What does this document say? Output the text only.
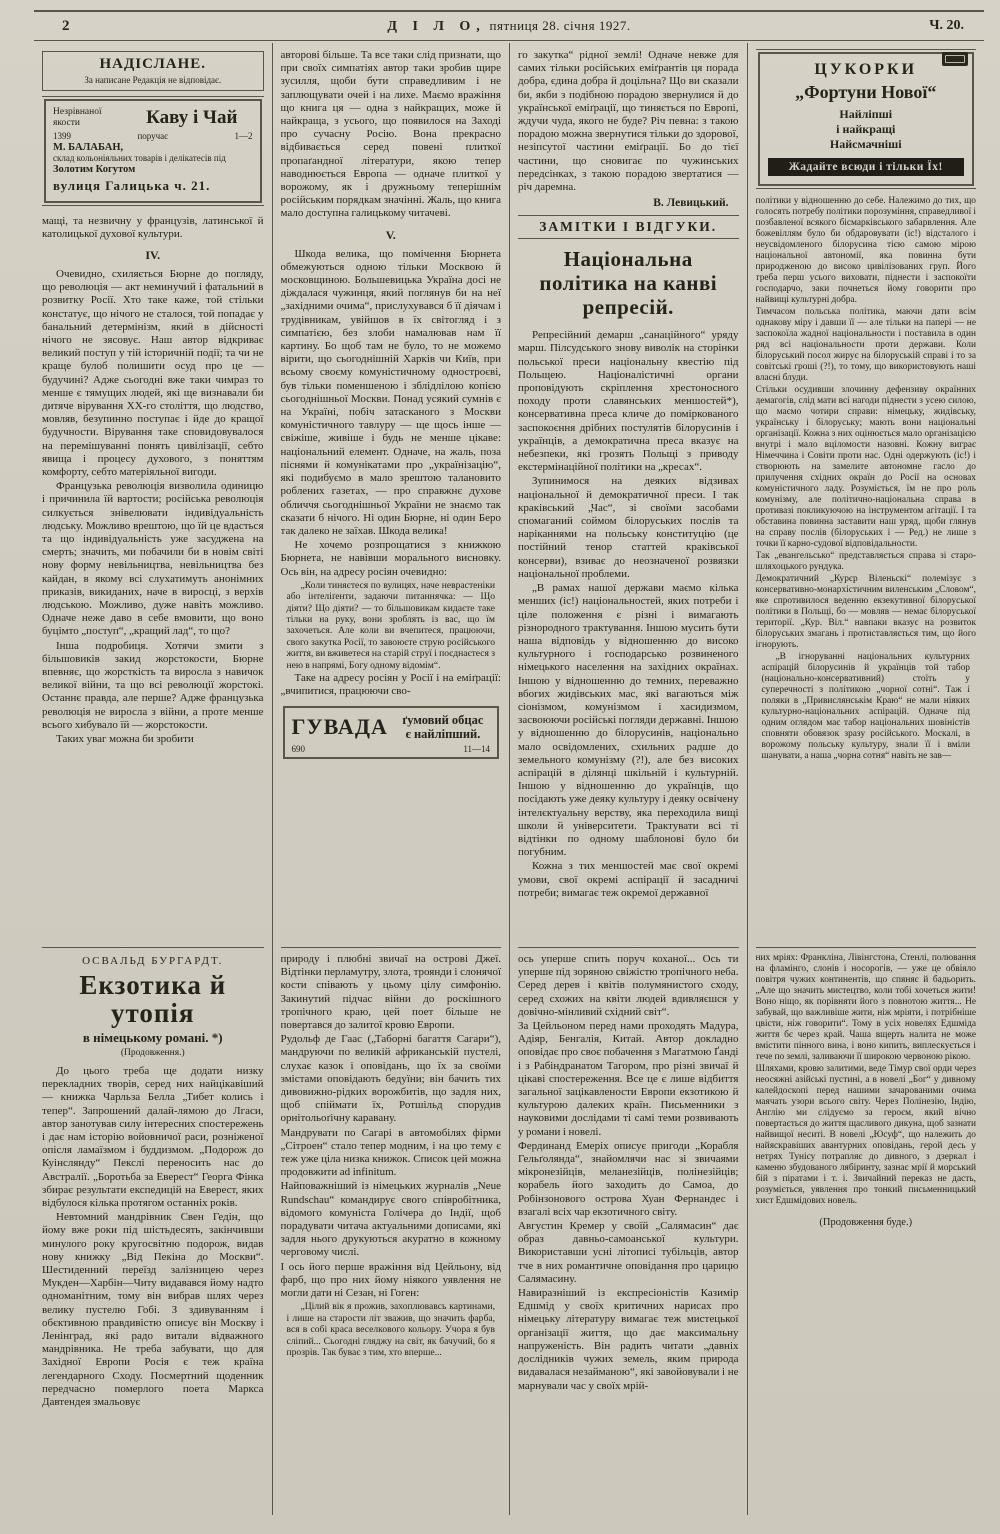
2	Д І Л О, пятниця 28. січня 1927.	Ч. 20.
НАДІСЛАНЕ.
За написане Редакція не відповідає.
Незрівнаної якости	Каву і Чай
1399	поручає	1—2
М. БАЛАБАН,
склад кольоніяльних товарів і делікатесів під
Золотим Когутом
вулиця Галицька ч. 21.

мащі, та незвичну у французів, латинської й католицької духової культури.

IV.

Очевидно, схиляється Бюрне до погляду, що революція — акт неминучий і фатальний в розвитку Росії. Хто таке каже, той стільки констатує, що нічого не сталося, той попадає у банальний детермінізм, який в дійсності нічого не зясовує. Наш автор відкриває великий поступ у тій історичній події; та чи не краще булоб полишити осуд про це — будучині? Адже сьогодні вже таки чимраз то менше є тямущих людей, які ще визнавали би дитяче вірування ХХ-го століття, що людство, мовляв, безупинно поступає і йде до кращої будучности. Вірування таке сповидовувалося на перемішуванні понять цивілізації, себто явища і процесу духового, з поняттям комфорту, себто матеріяльної вигоди.

Французька революція визволила одиницю і причинила їй вартости; російська революція силкується знівелювати індивідуальність людську. Можливо врештою, що їй це вдасться та що індивідуальність уже засуджена на смерть; значить, ми побачили би в новім світі нову форму невільництва, невільництва без кайдан, в якому всі слухатимуть анонімних приказів, викиданих, наче в виросці, з верхів людською. Можливо, дуже навіть можливо. Одначе неже даво в себе вмовити, що воно буцімто „поступ“, „кращий лад“, то що?

Інша подробиця. Хотячи змити з більшовиків закид жорстокости, Бюрне впевняє, що жорсткість та виросла з навичок великої війни, та що всі революції жорстокі. Останнє правда, але перше? Адже французька революція не виросла з війни, а проте менше всього хибувало їй — жорстокости.

Таких уваг можна би зробити

ОСВАЛЬД БУРГАРДТ.
Екзотика й утопія
в німецькому романі. *)
(Продовження.)

До цього треба ще додати низку перекладних творів, серед них найцікавіший — книжка Чарльза Белла „Тибет колись і тепер“. Запрошений далай-лямою до Лгаси, автор занотував силу інтересних спостережень і дає нам історію войовничої раси, розніженої опісля ламаїзмом і буддизмом. „Подорож до Куінслянду“ Пекслі переносить нас до Австралії. „Боротьба за Еверест“ Георга Фінка збирає результати експедицій на Еверест, яких відбулося кілька протягом останніх років.

Невтомний мандрівник Свен Гедін, що йому вже роки під шістьдесять, закінчивши минулого року кругосвітню подорож, видав нову книжку „Від Пекіна до Москви“. Шестиденний переїзд залізницею через Мукден—Харбін—Читу видавався йому надто одноманітним, тому він вибрав шлях через велику пустелю Гобі. З здивуванням і обєктивною правдивістю описує він Москву і Ленінград, які радо витали відважного мандрівника. Не треба забувати, що для Західної Европи Росія є теж країна легендарного Сходу. Посмертний щоденник передчасно померлого поета Маркса Давтендея змальовує

авторові більше. Та все таки слід признати, що при своїх симпатіях автор таки зробив щире зусилля, щоби бути справедливим і не заплющувати очей і на лихе. Маємо вражіння що книга ця — одна з найкращих, може й найкраща, з усього, що появилося на Заході про сучасну Росію. Вона прекрасно відбивається серед повені плиткої пропаґандної літератури, якою тепер наводнюється Европа — одначе плиткої у ворожому, як і дружньому теперішнім російським порядкам значінні. Жаль, що книга мало доступна галицькому читачеві.

V.

Шкода велика, що помічення Бюрнета обмежуються одною тільки Москвою й московщиною. Большевицька Україна досі не діждалася чужинця, який поглянув би на неї „західними очима“, прислухувався б її діячам і трудівникам, увійшов в їх світогляд і з симпатією, без злоби намалював нам її картину. Бо щоб там не було, то не можемо вірити, що сьогоднішній Харків чи Київ, при всьому своєму комуністичному одностроєві, був тільки поменшеною і зблідлілою копією сьогоднішньої Москви. Понад усякий сумнів є на Україні, побіч затасканого з Москви комуністичного тавлуру — ще щось інше — свіжіше, живіше і будь не менше цікаве: національний елемент. Одначе, на жаль, поза піснями й комунікатами про „українізацію“, які подибуємо в мало зрештою талановито роблених газетах, — про справжнє духове обличчя сьогоднішньої України не знаємо так сказати б нічого. Ні один Бюрне, ні один Беро так далеко не заїхав. Шкода велика!

Не хочемо розпрощатися з книжкою Бюрнета, не навівши морального висновку. Ось він, на адресу росіян очевидно:

„Коли тиняєтеся по вулицях, наче неврастеніки або інтеліґенти, задаючи питаннячка: — Що діяти? Що діяти? — то більшовикам кидаєте таке тільки на руку, вони зроблять із вас, що їм захочеться. Але коли ви вчепитеся, працюючи, свого закутка Росії, то завоюєте струю російського життя, ви вживетеся на старій струї і поєднаєтеся з нею в напрямі, Богу одному відомім“.

Таке на адресу росіян у Росії і на еміґрації: „вчипитися, працюючи сво-

ГУВАДА	ґумовий обцас
є найліпший.
690	11—14

природу і плюбні звичаї на острові Джеї. Відтінки перламутру, злота, троянди і слонячої кости співають у цьому цілу симфонію. Закинутий підчас війни до роскішного тропічного краю, цей поет більше не повертався до залитої кровю Европи.

Рудольф де Гаас („Таборні багаття Сагари“), мандруючи по великій африканській пустелі, слухає казок і оповідань, що їх за своїми змістами оповідають бедуїни; він бачить тих дивовижно-рідких ворожбитів, що задля них, щоб спіймати їх, Ротшільд спорудив орнітольоґічну каравану.

Мандрувати по Сагарі в автомобілях фірми „Сітроен“ стало тепер модним, і на цю тему є теж уже ціла низка книжок. Список цей можна продовжити ad infinitum.

Найповажніший із німецьких журналів „Neue Rundschau“ командирує свого співробітника, відомого комуніста Голічера до Індії, щоб порадувати читача актуальними дописами, які задля нього друкуються акуратно в кожному черговому числі.

І ось його перше вражіння від Цейльону, від фарб, що про них йому ніякого уявлення не могли дати ні Сезан, ні Гоген:

„Цілий вік я прожив, захоплювавсь картинами, і лише на старости літ зважив, що значить фарба, вся в собі краса веселкового кольору. Учора я був сліпий... Сьогодні гляджу на світ, як бачучий, бо я прозрів. Так буває з тим, хто вперше...

го закутка“ рідної землі! Одначе невже для самих тільки російських еміґрантів ця порада добра, єдина добра й доцільна? Що ви сказали би, якби з подібною порадою звернулися й до української еміґрації, що тиняється по Европі, ждучи чуда, якого не буде? Річ певна: з такою порадою можна звернутися тільки до здорової, незіпсутої частини еміґрації. Бо до тієї частини, що сновигає по чужинських передсінках, з такою порадою звертатися — річ даремна.

В. Левицький.
ЗАМІТКИ І ВІДГУКИ.
Національна політика на канві репресій.

Репресійний демарш „санаційного“ уряду марш. Пілсудського знову виволік на сторінки польської преси національну квестію під Польщею. Націоналістичні органи проповідують скріплення хрестоносного походу проти славянських меншостей*), консервативна преса кличе до поміркованого заспокоєння дрібних постулятів білорусинів і українців, а демократична преса вказує на небезпеки, які грозять Польщі з приводу екстермінаційної політики на „кресах“.

Зупинимося на деяких відзивах національної й демократичної преси. І так краківський „Час“, зі своїми засобами спомаганий соймом білоруських послів та наріканнями на польську конституцію (це постійний тенор статтей краківської консерви), взиває до неозначеної розвязки національної проблеми.

„В рамах нашої держави маємо кілька менших (іс!) національностей, яких потреби і ціле положення є різні і вимагають різнородного трактування. Іншою мусить бути наша відповідь у відношенню до високо культурного і господарсько розвиненого німецького населення на західних окраїнах. Іншою у відношенню до темних, переважно вбогих жидівських мас, які вагаються між сіонізмом, комунізмом і хасидизмом, засвоюючи російські погляди державні. Іншою у відношенню до білорусинів, національно мало освідомлених, схильних радше до земельного комунізму (?!), але без високих аспірацій в ділянці шкільній і культурній. Іншою у відношенню до українців, що посідають уже деяку культуру і деяку освічену інтелєктуальну верству, яка переходила вищі школи й університети. Трактувати всі ті відтінки по одному шаблонові було би погубним.

Кожна з тих меншостей має свої окремі умови, свої окремі аспірації й засадничі потреби; вимагає теж окремої державної

ось уперше спить поруч коханої... Ось ти уперше під зоряною свіжістю тропічного неба. Серед дерев і квітів полумянистого сходу, серед схожих на квіти людей вдивляєшся у довічно-мінливий східний світ“.

За Цейльоном перед нами проходять Мадура, Адіяр, Бенгалія, Китай. Автор докладно оповідає про своє побачення з Магатмою Ґанді і з Рабіндранатом Тагором, про різні звичаї й цікаві спостереження. Все це є лише відбиття загальної зацікавлености Европи екзотикою й культурою далеких країн. Письменники з науковими дослідами ті самі теми розвивають у романи і новелі.

Фердинанд Емеріх описує пригоди „Корабля Гельґолянда“, знайомлячи нас зі звичаями мікронезійців, меланезійців, полінезійців; корабель його заходить до Самоа, до Робінзонового острова Хуан Фернандес і взагалі всіх чар екзотичного світу.

Августин Кремер у своїй „Салямасин“ дає образ давньо-самоанської культури. Використавши усні літописі тубільців, автор тче в них романтичне оповідання про царицю Салямасину.

Навиразніший із експресіоністів Казимір Едшмід у своїх критичних нарисах про німецьку літературу вимагає теж мистецької організації життя, що дає максимальну напруженість. Він радить читати „давніх дослідників чужих земель, яким природа видавалася незайманою“, які завойовували і не марнували час у своїх мрій-

ЦУКОРКИ
„Фортуни Нової“
Найліпші
і найкращі
Найсмачніші
Жадайте всюди і тільки Їх!

політики у відношенню до себе. Належимо до тих, що голосять потребу політики порозуміння, справедливої і позбавленої всякого бісмарківського забарвлення. Але божевіллям було би обдаровувати (іс!) відсталого і неусвідомленого білорусина тією самою мірою національної автономії, яка повинна бути природженою до високо цивілізованих груп. Його треба перш усього виховати, піднести і заспокоїти господарчо, заки почнеться йому говорити про найвищі культурні добра.

Тимчасом польська політика, маючи дати всім однакову міру і давши її — але тільки на папері — не заспокоїла жадної національности і поставила в один ряд всі національности проти держави. Коли білоруський посол жирує на білоруській справі і то за совітські гроші (?!), то тому, що використовують наші власні блуди.

Стільки осудивши злочинну дефензиву окраїнних демагогів, слід мати всі нагоди піднести з усею силою, що маємо чотири справи: німецьку, жидівську, українську і білоруську; мають вони національні організації. Кожна з них оцінюється мало організацією внутрі і мало вціломости назовні. Кожну виграє Німеччина і Совіти проти нас. Одні одержують (іс!) і створюють на замелите автономне гасло до прилучення східних окраїн до Росії на основах комуністичного ладу. Розуміється, їм не про роль комунізму, але політично-національна справа в противазі покликуючою на інструментом агітації. І та обставина повинна заставити наш уряд, щоби глянув на справу послів (білоруських і — Ред.) не лише з точки її карно-судової відповідальности.

Так „евангельсько“ представляється справа зі старо-шляхоцького рундука.

Демократичний „Курєр Віленьскі“ полемізує з консервативно-монархістичним виленським „Словом“, яке спротивилося веденню екзекутивної білоруської політики в Польщі, бо — мовляв — немає білоруської території. „Кур. Віл.“ навпаки вказує на розвиток білоруських змагань і протиставляється тим, що його ігнорують.

„В ігноруванні національних культурних аспірацій білорусинів й українців той табор (національно-консервативний) стоїть у суперечності з політикою „чорної сотні“. Таж і поляки в „Привислянськім Краю“ не мали ніяких культурно-національних аспірацій. Одначе під одним оглядом має табор національних шовіністів сповняти обовязок зразу російського. Москалі, в ворожому польську культуру, знали її і вміли шанувати, а наша „чорна сотня“ навіть не зав—

них мріях: Франкліна, Лівінгстона, Стенлі, полювання на фламінго, слонів і носорогів, — уже це обвіяло повітря чужих континентів, що спяняє й бадьорить. „Але що значить мистецтво, коли тобі хочеться жити! Воно ніщо, як порівняти його з повнотою життя... Не забувай, що важливіше жити, ніж мріяти, і потрібніше цвісти, ніж говорити“. Тому в усіх новелях Едшміда життя бє через край. Чаша вщерть налита не може вмістити пінного вина, і воно кипить, виплескується і тече по землі, заливаючи її широкою червоною рікою.

Шляхами, кровю залитими, веде Тімур свої орди через неосяжні азійські пустині, а в новелі „Бог“ у дивному калейдоскопі перед нашими зачарованими очима маячать узори всього світу. Через Полінезію, Індію, Англію ми слідуємо за героєм, який вічно повертається до життя щасливого дикуна, щоб зазнати найвищої неситі. В новелі „Юсуф“, що належить до найяскравіших авантурних оповідань, герой десь у нетрях Тунісу потрапляє до дивного, з дзеркал і каменю збудованого лябіринту, зазнає мрії й морський бій з піратами і т. і. Звичайний переказ не дасть, розуміється, уявлення про тонкий письменницький хист Едшмідових новель.

(Продовження буде.)
